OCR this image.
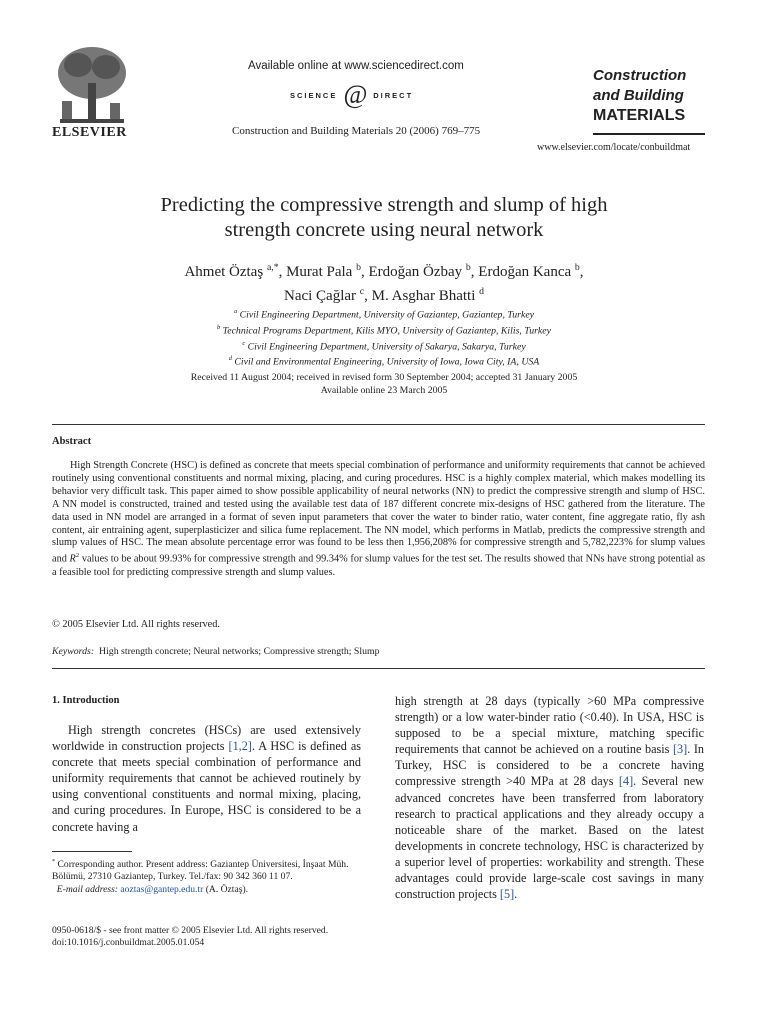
ELSEVIER
Available online at www.sciencedirect.com
SCIENCE @ DIRECT
Construction and Building Materials 20 (2006) 769–775
Construction
and Building
MATERIALS
www.elsevier.com/locate/conbuildmat
Predicting the compressive strength and slump of high
strength concrete using neural network
Ahmet Öztaş $^{a,*}$, Murat Pala $^b$, Erdoğan Özbay $^b$, Erdoğan Kanca $^b$,
Naci Çağlar $^c$, M. Asghar Bhatti $^d$
$^a$ Civil Engineering Department, University of Gaziantep, Gaziantep, Turkey
$^b$ Technical Programs Department, Kilis MYO, University of Gaziantep, Kilis, Turkey
$^c$ Civil Engineering Department, University of Sakarya, Sakarya, Turkey
$^d$ Civil and Environmental Engineering, University of Iowa, Iowa City, IA, USA
Received 11 August 2004; received in revised form 30 September 2004; accepted 31 January 2005
Available online 23 March 2005
Abstract

High Strength Concrete (HSC) is defined as concrete that meets special combination of performance and uniformity requirements that cannot be achieved routinely using conventional constituents and normal mixing, placing, and curing procedures. HSC is a highly complex material, which makes modelling its behavior very difficult task. This paper aimed to show possible applicability of neural networks (NN) to predict the compressive strength and slump of HSC. A NN model is constructed, trained and tested using the available test data of 187 different concrete mix-designs of HSC gathered from the literature. The data used in NN model are arranged in a format of seven input parameters that cover the water to binder ratio, water content, fine aggregate ratio, fly ash content, air entraining agent, superplasticizer and silica fume replacement. The NN model, which performs in Matlab, predicts the compressive strength and slump values of HSC. The mean absolute percentage error was found to be less then 1,956,208% for compressive strength and 5,782,223% for slump values and $R^2$ values to be about 99.93% for compressive strength and 99.34% for slump values for the test set. The results showed that NNs have strong potential as a feasible tool for predicting compressive strength and slump values.

© 2005 Elsevier Ltd. All rights reserved.
Keywords: High strength concrete; Neural networks; Compressive strength; Slump
1. Introduction
High strength concretes (HSCs) are used extensively worldwide in construction projects [1,2]. A HSC is defined as concrete that meets special combination of performance and uniformity requirements that cannot be achieved routinely by using conventional constituents and normal mixing, placing, and curing procedures. In Europe, HSC is considered to be a concrete having a
high strength at 28 days (typically >60 MPa compressive strength) or a low water-binder ratio (<0.40). In USA, HSC is supposed to be a special mixture, matching specific requirements that cannot be achieved on a routine basis [3]. In Turkey, HSC is considered to be a concrete having compressive strength >40 MPa at 28 days [4]. Several new advanced concretes have been transferred from laboratory research to practical applications and they already occupy a noticeable share of the market. Based on the latest developments in concrete technology, HSC is characterized by a superior level of properties: workability and strength. These advantages could provide large-scale cost savings in many construction projects [5].

* Corresponding author. Present address: Gaziantep Üniversitesi, İnşaat Müh. Bölümü, 27310 Gaziantep, Turkey. Tel./fax: 90 342 360 11 07.

E-mail address: aoztas@gantep.edu.tr (A. Öztaş).

0950-0618/$ - see front matter © 2005 Elsevier Ltd. All rights reserved.

doi:10.1016/j.conbuildmat.2005.01.054
